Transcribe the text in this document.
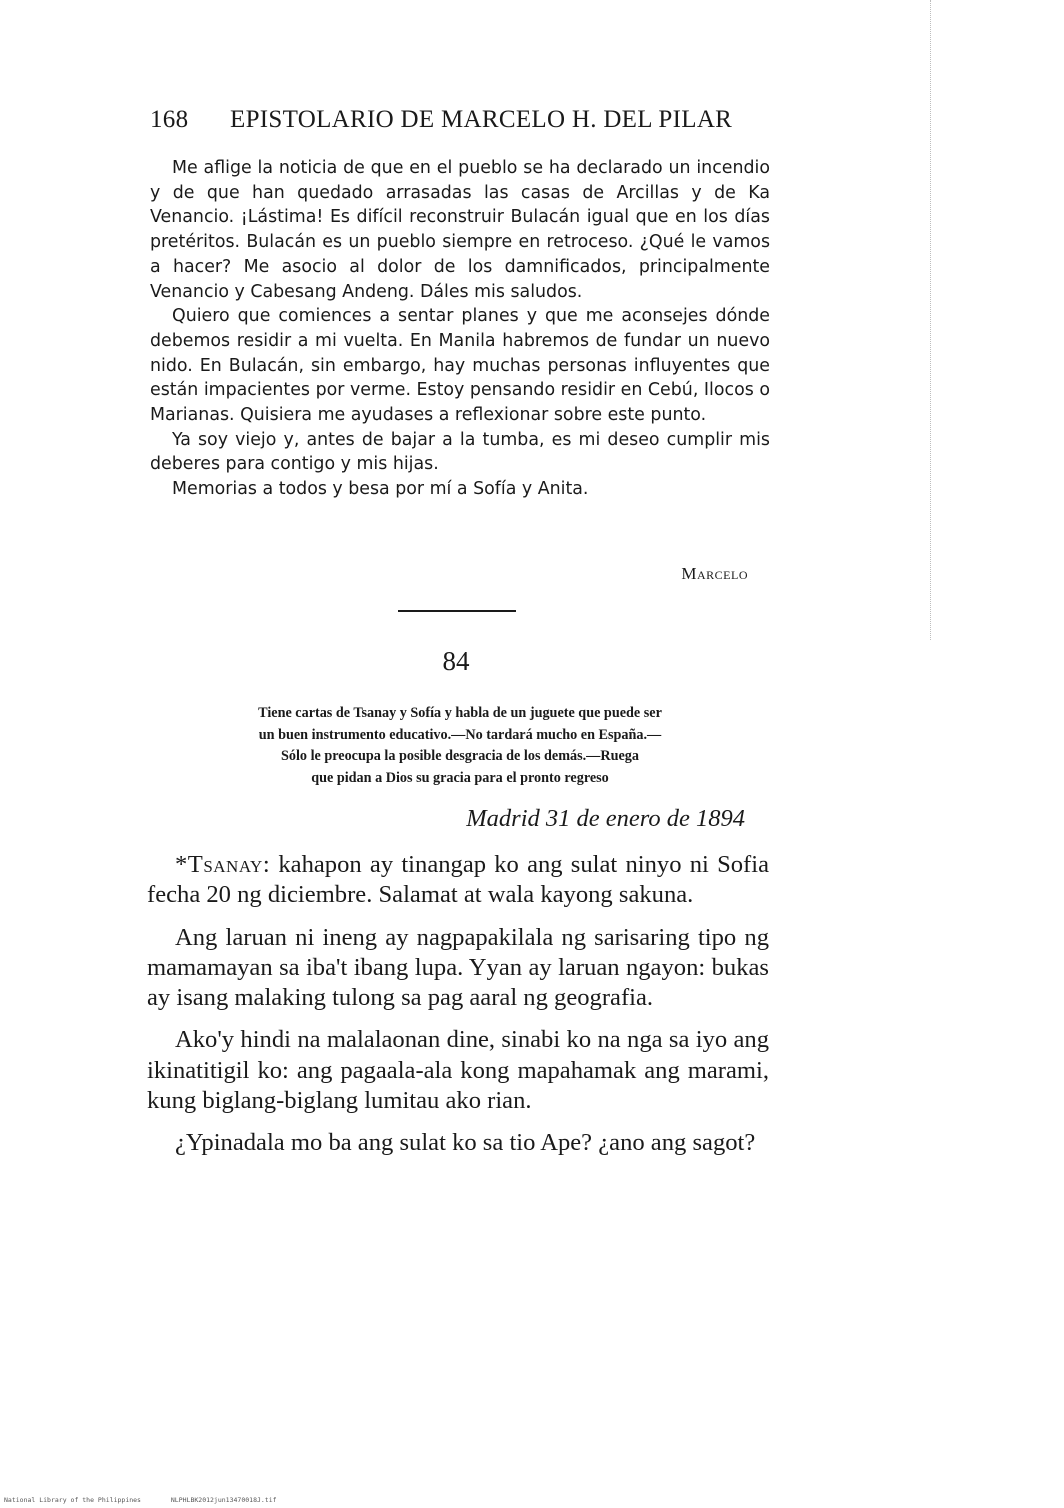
168 EPISTOLARIO DE MARCELO H. DEL PILAR

Me aflige la noticia de que en el pueblo se ha declarado un incendio y de que han quedado arrasadas las casas de Arcillas y de Ka Venancio. ¡Lástima! Es difícil reconstruir Bulacán igual que en los días pretéritos. Bulacán es un pueblo siempre en retroceso. ¿Qué le vamos a hacer? Me asocio al dolor de los damnificados, principalmente Venancio y Cabesang Andeng. Dáles mis saludos.

Quiero que comiences a sentar planes y que me aconsejes dónde debemos residir a mi vuelta. En Manila habremos de fundar un nuevo nido. En Bulacán, sin embargo, hay muchas personas influyentes que están impacientes por verme. Estoy pensando residir en Cebú, Ilocos o Marianas. Quisiera me ayudases a reflexionar sobre este punto.

Ya soy viejo y, antes de bajar a la tumba, es mi deseo cumplir mis deberes para contigo y mis hijas.

Memorias a todos y besa por mí a Sofía y Anita.

Marcelo
84
Tiene cartas de Tsanay y Sofía y habla de un juguete que puede ser
un buen instrumento educativo.—No tardará mucho en España.—
Sólo le preocupa la posible desgracia de los demás.—Ruega
que pidan a Dios su gracia para el pronto regreso
Madrid 31 de enero de 1894

*Tsanay: kahapon ay tinangap ko ang sulat ninyo ni Sofia fecha 20 ng diciembre. Salamat at wala kayong sakuna.

Ang laruan ni ineng ay nagpapakilala ng sarisaring tipo ng mamamayan sa iba't ibang lupa. Yyan ay laruan ngayon: bukas ay isang malaking tulong sa pag aaral ng geografia.

Ako'y hindi na malalaonan dine, sinabi ko na nga sa iyo ang ikinatitigil ko: ang pagaala-ala kong mapahamak ang marami, kung biglang-biglang lumitau ako rian.

¿Ypinadala mo ba ang sulat ko sa tio Ape? ¿ano ang sagot?

National Library of the Philippines	NLPHLBK2012jun13470018J.tif
